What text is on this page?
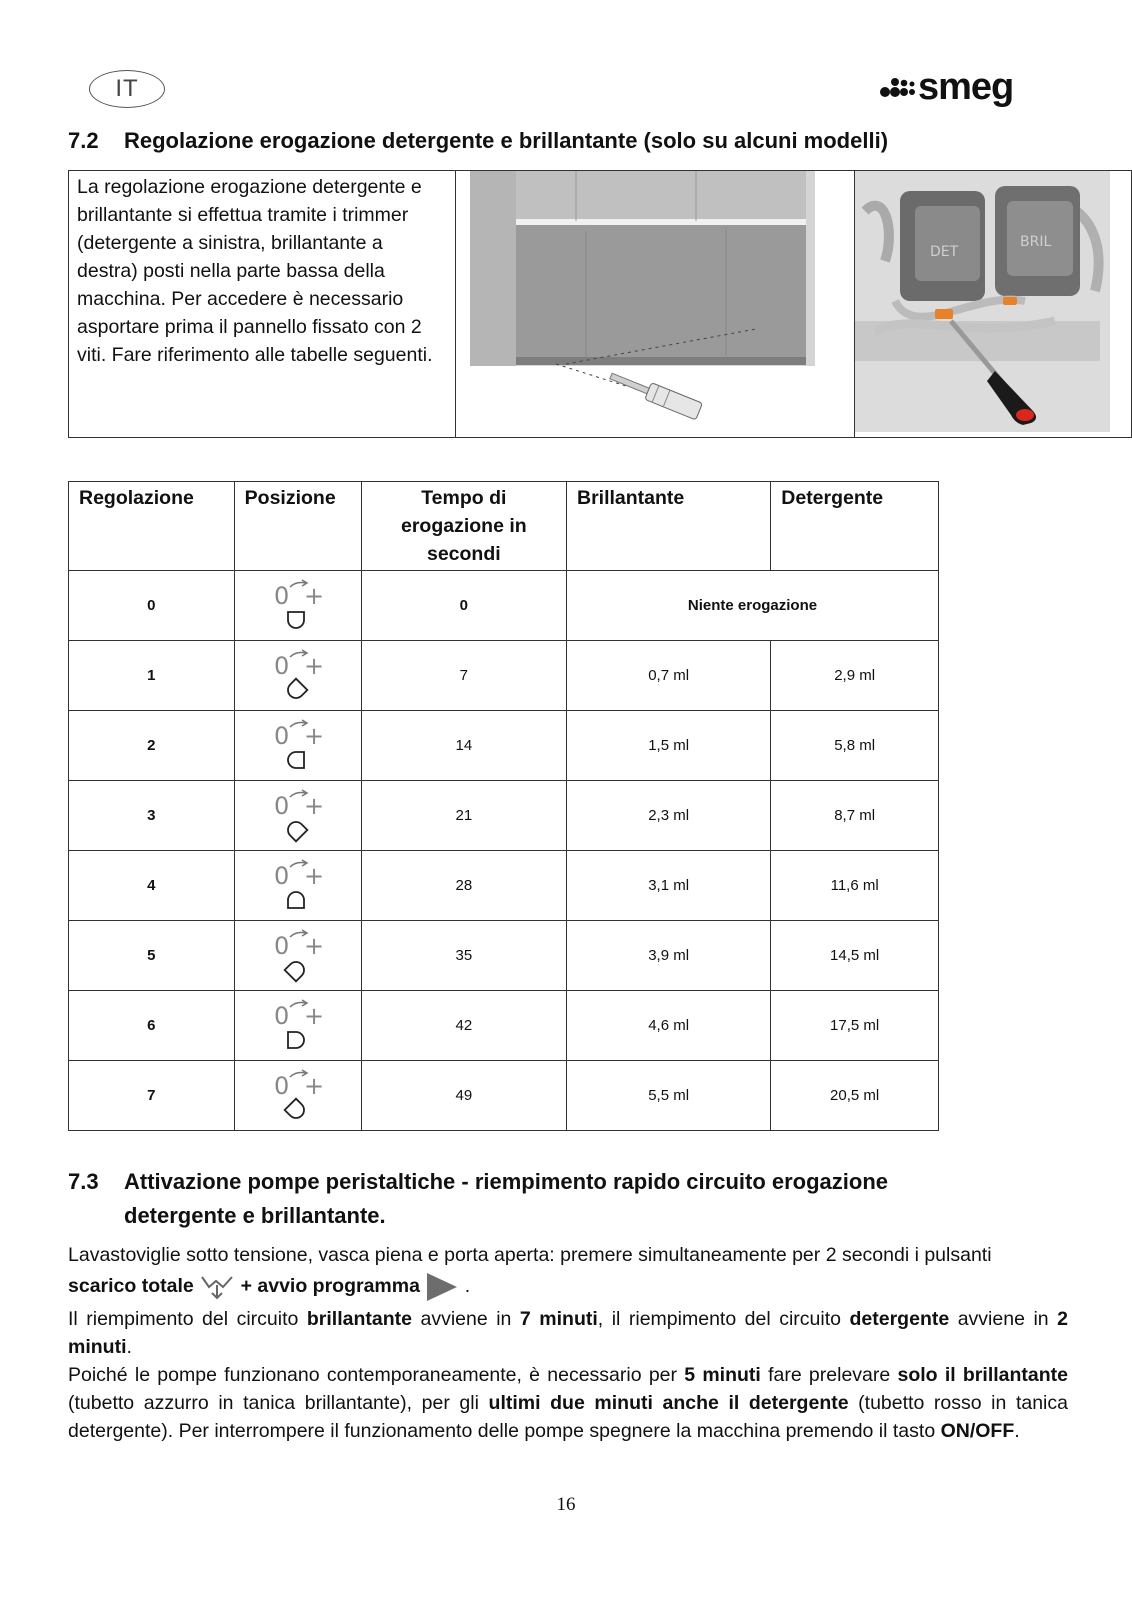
IT	smeg
7.2 Regolazione erogazione detergente e brillantante (solo su alcuni modelli)
La regolazione erogazione detergente e brillantante si effettua tramite i trimmer (detergente a sinistra, brillantante a destra) posti nella parte bassa della macchina. Per accedere è necessario asportare prima il pannello fissato con 2 viti. Fare riferimento alle tabelle seguenti.		
DET
BRIL
Regolazione	Posizione	Tempo di erogazione in secondi	Brillantante	Detergente
0	0 +	0	Niente erogazione	
1	0 +	7	0,7 ml	2,9 ml
2	0 +	14	1,5 ml	5,8 ml
3	0 +	21	2,3 ml	8,7 ml
4	0 +	28	3,1 ml	11,6 ml
5	0 +	35	3,9 ml	14,5 ml
6	0 +	42	4,6 ml	17,5 ml
7	0 +	49	5,5 ml	20,5 ml
7.3 Attivazione pompe peristaltiche - riempimento rapido circuito erogazione
detergente e brillantante.
Lavastoviglie sotto tensione, vasca piena e porta aperta: premere simultaneamente per 2 secondi i pulsanti
scarico totale + avvio programma .
Il riempimento del circuito brillantante avviene in 7 minuti, il riempimento del circuito detergente avviene in 2 minuti.
Poiché le pompe funzionano contemporaneamente, è necessario per 5 minuti fare prelevare solo il brillantante (tubetto azzurro in tanica brillantante), per gli ultimi due minuti anche il detergente (tubetto rosso in tanica detergente). Per interrompere il funzionamento delle pompe spegnere la macchina premendo il tasto ON/OFF.
16
